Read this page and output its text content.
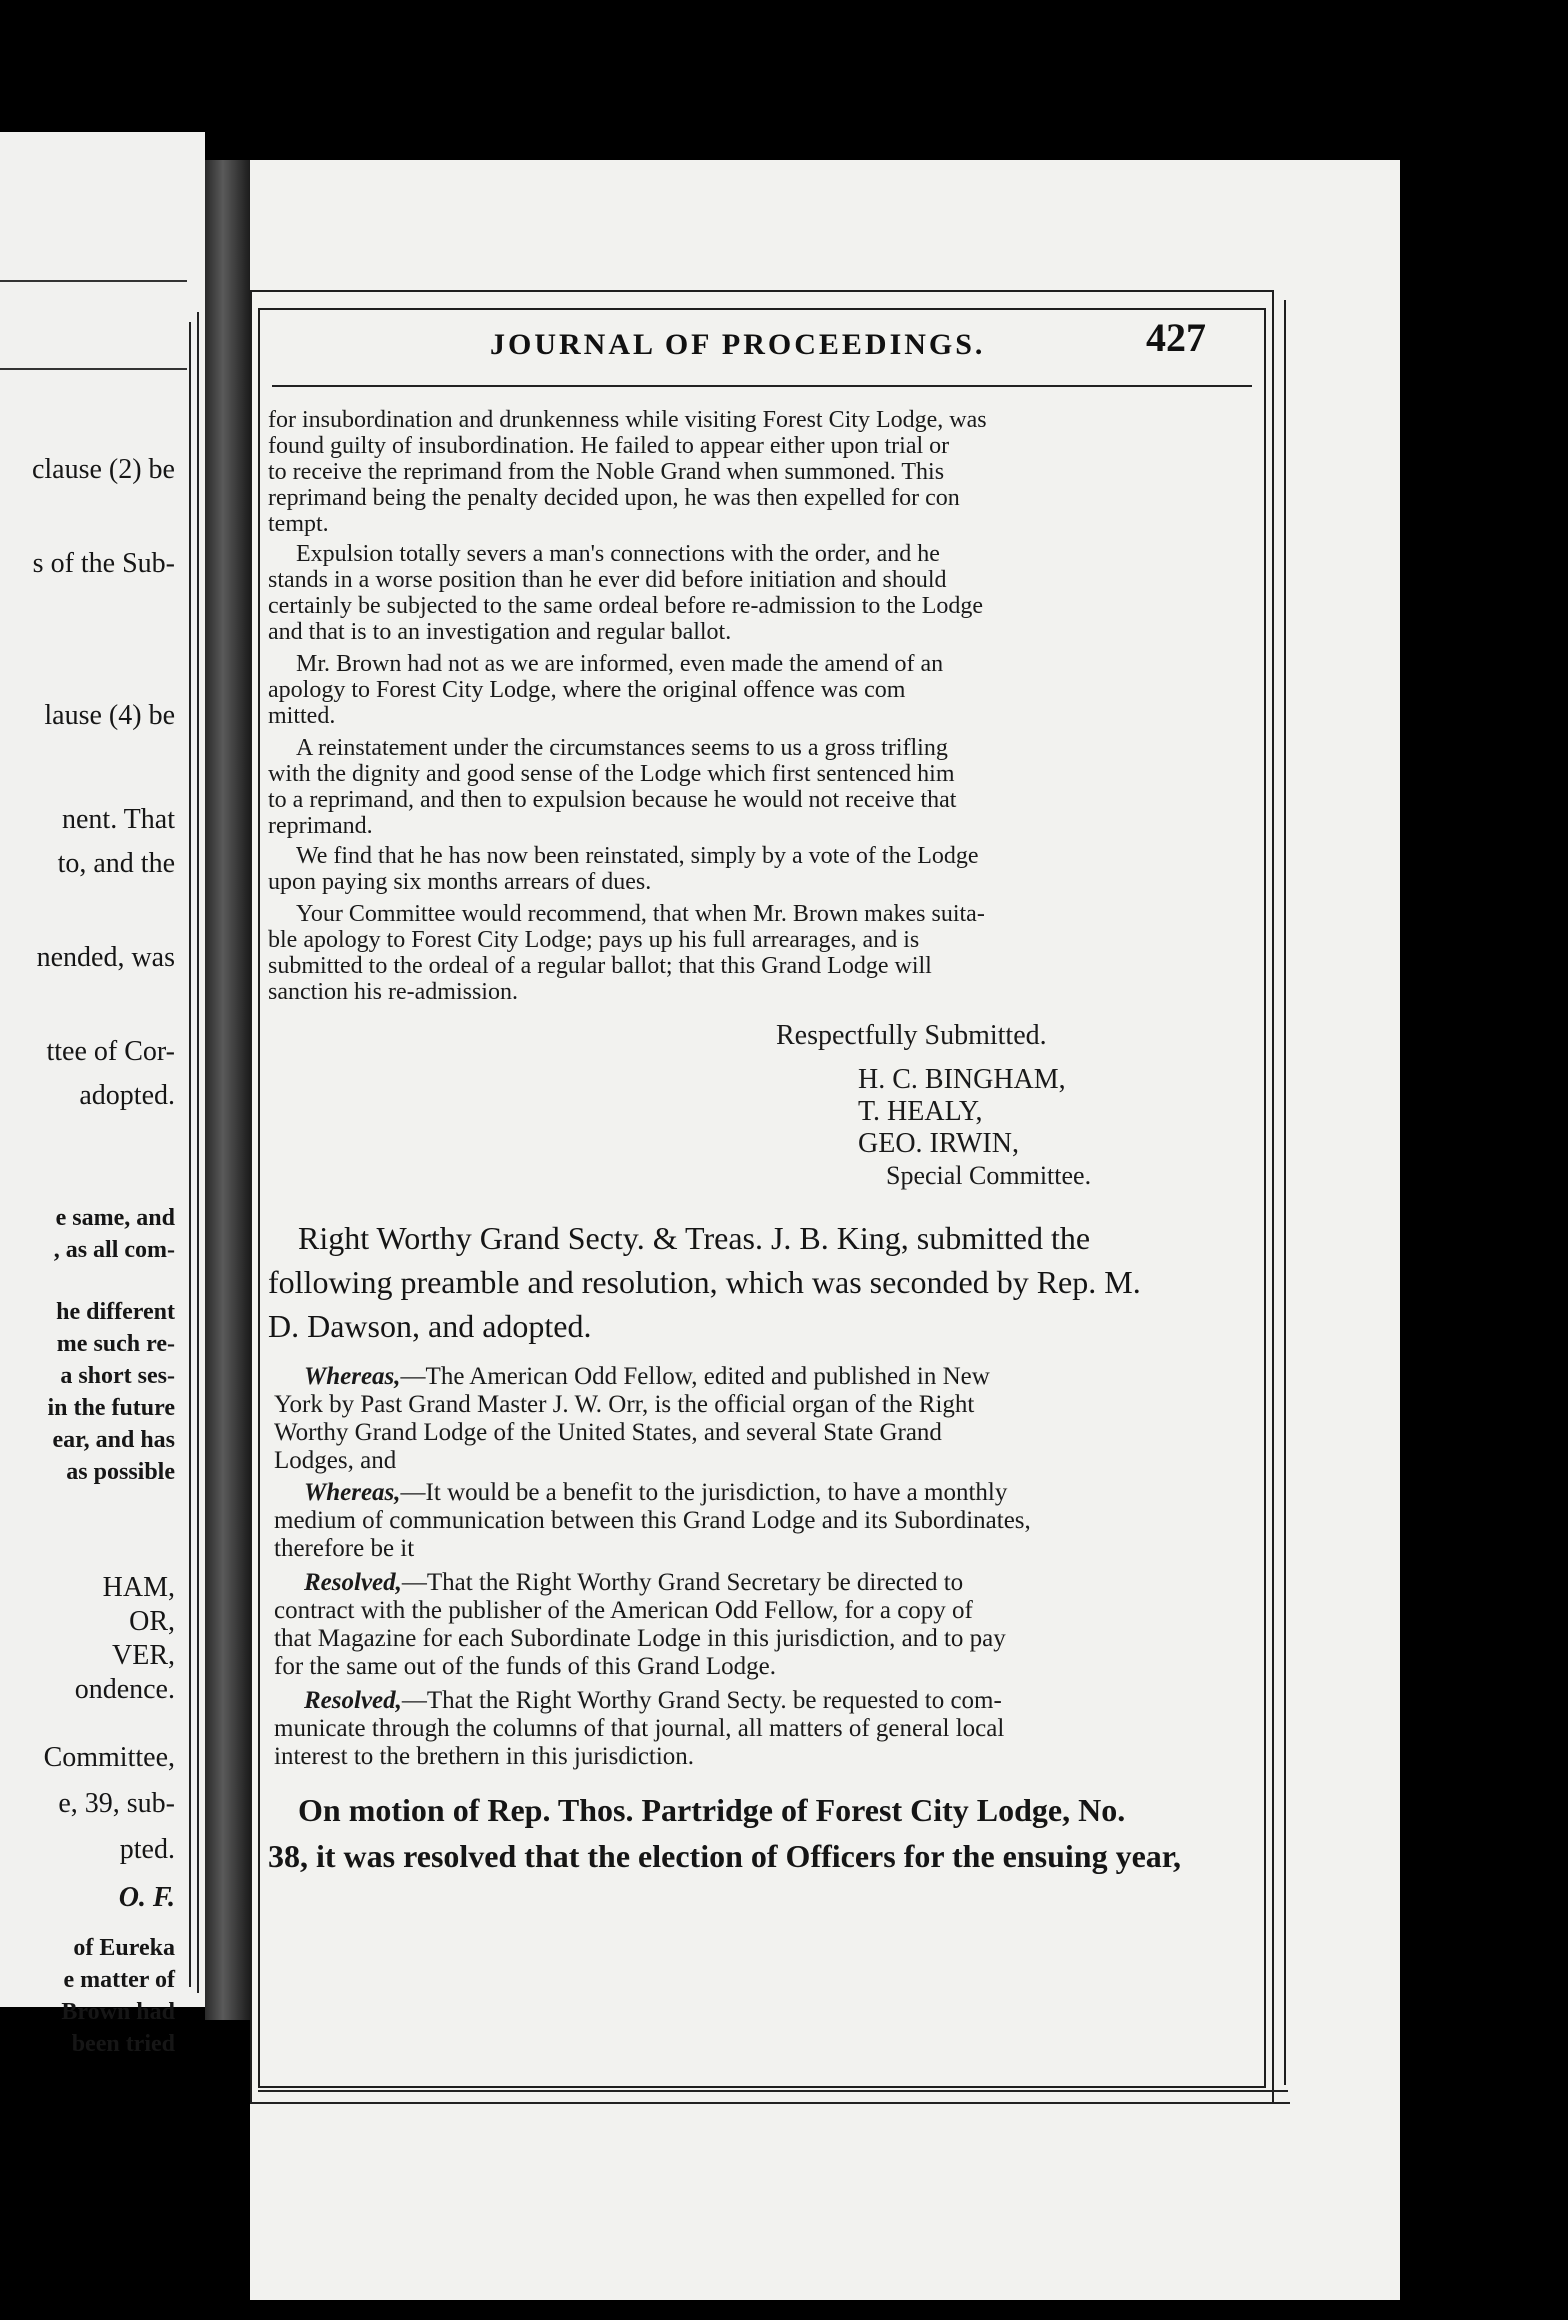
clause (2) be

s of the Sub-

lause (4) be

nent. That

to, and the

nended, was

ttee of Cor-

adopted.

e same, and

, as all com-

he different

me such re-

a short ses-

in the future

ear, and has

as possible

HAM,

OR,

VER,

ondence.

Committee,

e, 39, sub-

pted.

O. F.

of Eureka

e matter of

Brown had

been tried

JOURNAL OF PROCEEDINGS.	427

for insubordination and drunkenness while visiting Forest City Lodge, was

found guilty of insubordination. He failed to appear either upon trial or

to receive the reprimand from the Noble Grand when summoned. This

reprimand being the penalty decided upon, he was then expelled for con

tempt.

Expulsion totally severs a man's connections with the order, and he

stands in a worse position than he ever did before initiation and should

certainly be subjected to the same ordeal before re-admission to the Lodge

and that is to an investigation and regular ballot.

Mr. Brown had not as we are informed, even made the amend of an

apology to Forest City Lodge, where the original offence was com

mitted.

A reinstatement under the circumstances seems to us a gross trifling

with the dignity and good sense of the Lodge which first sentenced him

to a reprimand, and then to expulsion because he would not receive that

reprimand.

We find that he has now been reinstated, simply by a vote of the Lodge

upon paying six months arrears of dues.

Your Committee would recommend, that when Mr. Brown makes suita-

ble apology to Forest City Lodge; pays up his full arrearages, and is

submitted to the ordeal of a regular ballot; that this Grand Lodge will

sanction his re-admission.

Respectfully Submitted.

H. C. BINGHAM,

T. HEALY,

GEO. IRWIN,

Special Committee.

Right Worthy Grand Secty. & Treas. J. B. King, submitted the

following preamble and resolution, which was seconded by Rep. M.

D. Dawson, and adopted.

Whereas,—The American Odd Fellow, edited and published in New

York by Past Grand Master J. W. Orr, is the official organ of the Right

Worthy Grand Lodge of the United States, and several State Grand

Lodges, and

Whereas,—It would be a benefit to the jurisdiction, to have a monthly

medium of communication between this Grand Lodge and its Subordinates,

therefore be it

Resolved,—That the Right Worthy Grand Secretary be directed to

contract with the publisher of the American Odd Fellow, for a copy of

that Magazine for each Subordinate Lodge in this jurisdiction, and to pay

for the same out of the funds of this Grand Lodge.

Resolved,—That the Right Worthy Grand Secty. be requested to com-

municate through the columns of that journal, all matters of general local

interest to the brethern in this jurisdiction.

On motion of Rep. Thos. Partridge of Forest City Lodge, No.

38, it was resolved that the election of Officers for the ensuing year,
